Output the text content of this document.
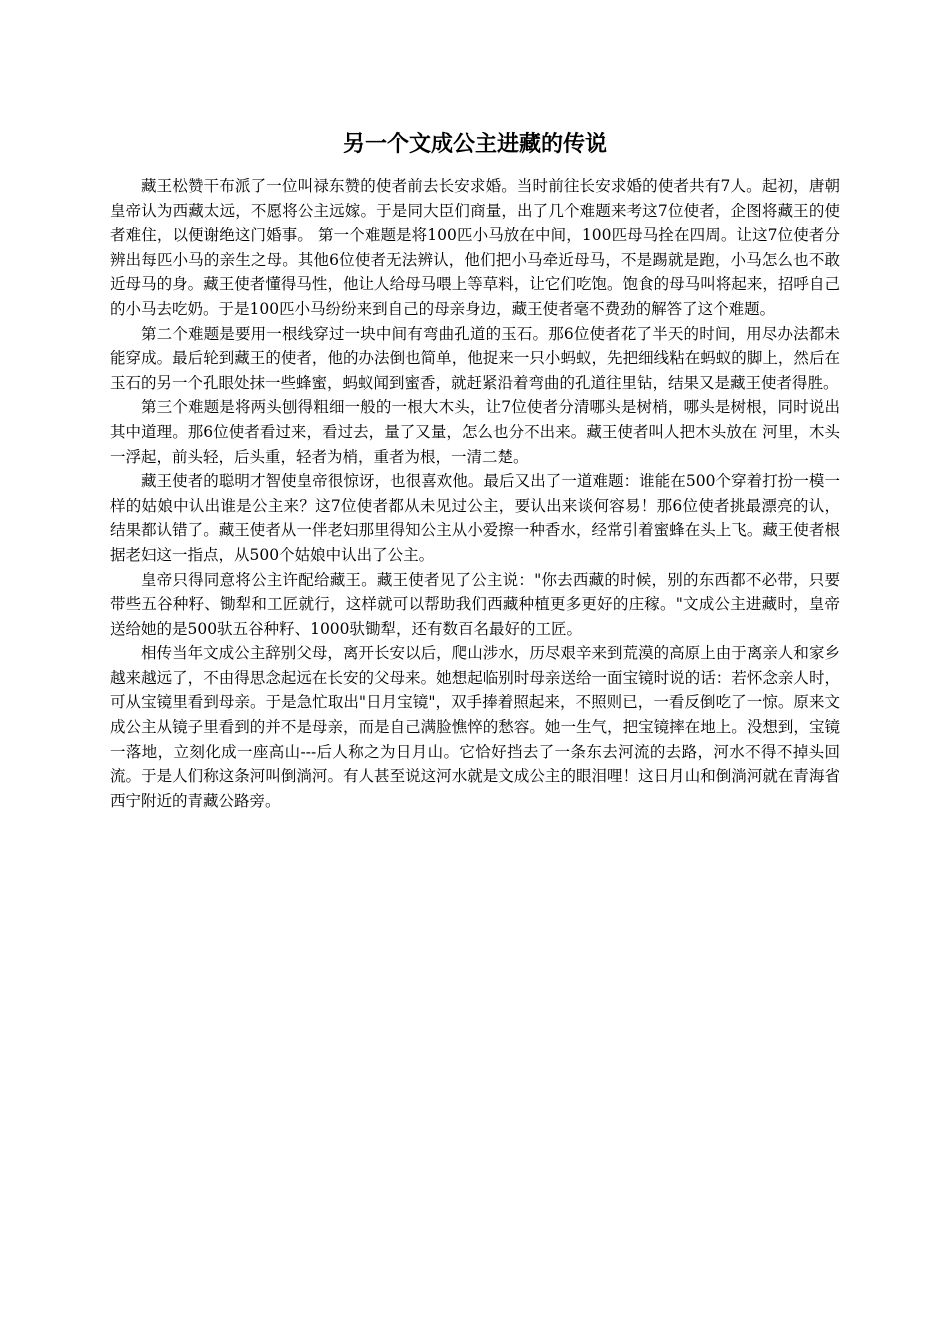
另一个文成公主进藏的传说

藏王松赞干布派了一位叫禄东赞的使者前去长安求婚。当时前往长安求婚的使者共有7人。起初，唐朝皇帝认为西藏太远，不愿将公主远嫁。于是同大臣们商量，出了几个难题来考这7位使者，企图将藏王的使者难住，以便谢绝这门婚事。 第一个难题是将100匹小马放在中间，100匹母马拴在四周。让这7位使者分辨出每匹小马的亲生之母。其他6位使者无法辨认，他们把小马牵近母马，不是踢就是跑，小马怎么也不敢近母马的身。藏王使者懂得马性，他让人给母马喂上等草料，让它们吃饱。饱食的母马叫将起来，招呼自己的小马去吃奶。于是100匹小马纷纷来到自己的母亲身边，藏王使者毫不费劲的解答了这个难题。

第二个难题是要用一根线穿过一块中间有弯曲孔道的玉石。那6位使者花了半天的时间，用尽办法都未能穿成。最后轮到藏王的使者，他的办法倒也简单，他捉来一只小蚂蚁，先把细线粘在蚂蚁的脚上，然后在玉石的另一个孔眼处抹一些蜂蜜，蚂蚁闻到蜜香，就赶紧沿着弯曲的孔道往里钻，结果又是藏王使者得胜。

第三个难题是将两头刨得粗细一般的一根大木头，让7位使者分清哪头是树梢，哪头是树根，同时说出其中道理。那6位使者看过来，看过去，量了又量，怎么也分不出来。藏王使者叫人把木头放在 河里，木头一浮起，前头轻，后头重，轻者为梢，重者为根，一清二楚。

藏王使者的聪明才智使皇帝很惊讶，也很喜欢他。最后又出了一道难题：谁能在500个穿着打扮一模一样的姑娘中认出谁是公主来？这7位使者都从未见过公主，要认出来谈何容易！那6位使者挑最漂亮的认，结果都认错了。藏王使者从一伴老妇那里得知公主从小爱擦一种香水，经常引着蜜蜂在头上飞。藏王使者根据老妇这一指点，从500个姑娘中认出了公主。

皇帝只得同意将公主许配给藏王。藏王使者见了公主说："你去西藏的时候，别的东西都不必带，只要带些五谷种籽、锄犁和工匠就行，这样就可以帮助我们西藏种植更多更好的庄稼。"文成公主进藏时，皇帝送给她的是500驮五谷种籽、1000驮锄犁，还有数百名最好的工匠。

相传当年文成公主辞别父母，离开长安以后，爬山涉水，历尽艰辛来到荒漠的高原上由于离亲人和家乡越来越远了，不由得思念起远在长安的父母来。她想起临别时母亲送给一面宝镜时说的话：若怀念亲人时，可从宝镜里看到母亲。于是急忙取出"日月宝镜"，双手捧着照起来，不照则已，一看反倒吃了一惊。原来文成公主从镜子里看到的并不是母亲，而是自己满脸憔悴的愁容。她一生气，把宝镜摔在地上。没想到，宝镜一落地，立刻化成一座高山---后人称之为日月山。它恰好挡去了一条东去河流的去路，河水不得不掉头回流。于是人们称这条河叫倒淌河。有人甚至说这河水就是文成公主的眼泪哩！这日月山和倒淌河就在青海省西宁附近的青藏公路旁。
